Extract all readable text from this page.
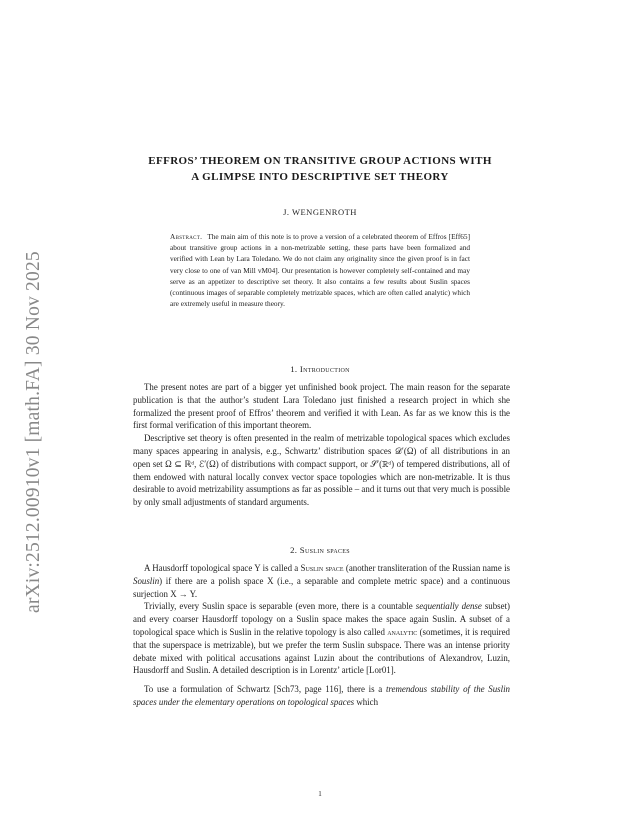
arXiv:2512.00910v1 [math.FA] 30 Nov 2025
EFFROS’ THEOREM ON TRANSITIVE GROUP ACTIONS WITH
A GLIMPSE INTO DESCRIPTIVE SET THEORY
J. WENGENROTH
Abstract. The main aim of this note is to prove a version of a celebrated theorem of Effros [Eff65] about transitive group actions in a non-metrizable setting, these parts have been formalized and verified with Lean by Lara Toledano. We do not claim any originality since the given proof is in fact very close to one of van Mill vM04]. Our presentation is however completely self-contained and may serve as an appetizer to descriptive set theory. It also contains a few results about Suslin spaces (continuous images of separable completely metrizable spaces, which are often called analytic) which are extremely useful in measure theory.
1. Introduction

The present notes are part of a bigger yet unfinished book project. The main reason for the separate publication is that the author’s student Lara Toledano just finished a research project in which she formalized the present proof of Effros’ theorem and verified it with Lean. As far as we know this is the first formal verification of this important theorem.

Descriptive set theory is often presented in the realm of metrizable topological spaces which excludes many spaces appearing in analysis, e.g., Schwartz’ distribution spaces 𝒟′(Ω) of all distributions in an open set Ω ⊆ ℝᵈ, ℰ′(Ω) of distributions with compact support, or 𝒮′(ℝᵈ) of tempered distributions, all of them endowed with natural locally convex vector space topologies which are non-metrizable. It is thus desirable to avoid metrizability assumptions as far as possible – and it turns out that very much is possible by only small adjustments of standard arguments.

2. Suslin spaces

A Hausdorff topological space Y is called a Suslin space (another transliteration of the Russian name is Souslin) if there are a polish space X (i.e., a separable and complete metric space) and a continuous surjection X → Y.

Trivially, every Suslin space is separable (even more, there is a countable sequentially dense subset) and every coarser Hausdorff topology on a Suslin space makes the space again Suslin. A subset of a topological space which is Suslin in the relative topology is also called analytic (sometimes, it is required that the superspace is metrizable), but we prefer the term Suslin subspace. There was an intense priority debate mixed with political accusations against Luzin about the contributions of Alexandrov, Luzin, Hausdorff and Suslin. A detailed description is in Lorentz’ article [Lor01].

To use a formulation of Schwartz [Sch73, page 116], there is a tremendous stability of the Suslin spaces under the elementary operations on topological spaces which

1
